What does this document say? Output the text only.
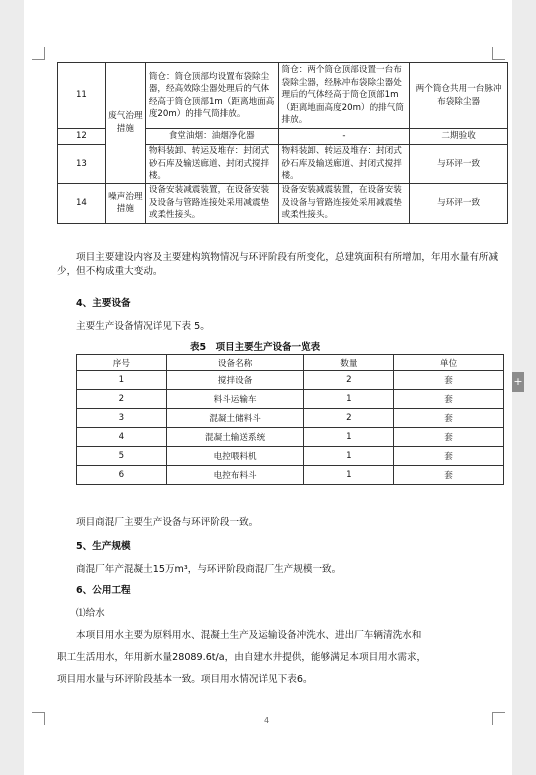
11	废气治理措施	筒仓：筒仓顶部均设置布袋除尘器，经高效除尘器处理后的气体经高于筒仓顶部1m（距离地面高度20m）的排气筒排放。	筒仓：两个筒仓顶部设置一台布袋除尘器，经脉冲布袋除尘器处理后的气体经高于筒仓顶部1m（距离地面高度20m）的排气筒排放。	两个筒仓共用一台脉冲布袋除尘器
12		食堂油烟：油烟净化器	-	二期验收
13		物料装卸、转运及堆存：封闭式砂石库及输送廊道、封闭式搅拌楼。	物料装卸、转运及堆存：封闭式砂石库及输送廊道、封闭式搅拌楼。	与环评一致
14	噪声治理措施	设备安装减震装置，在设备安装及设备与管路连接处采用减震垫或柔性接头。	设备安装减震装置，在设备安装及设备与管路连接处采用减震垫或柔性接头。	与环评一致

项目主要建设内容及主要建构筑物情况与环评阶段有所变化，总建筑面积有所增加，年用水量有所减少，但不构成重大变动。

4、主要设备

主要生产设备情况详见下表 5。

表5　项目主要生产设备一览表
序号	设备名称	数量	单位
1	搅拌设备	2	套
2	料斗运输车	1	套
3	混凝土储料斗	2	套
4	混凝土输送系统	1	套
5	电控喂料机	1	套
6	电控布料斗	1	套

项目商混厂主要生产设备与环评阶段一致。

5、生产规模

商混厂年产混凝土15万m³，与环评阶段商混厂生产规模一致。

6、公用工程

⑴给水

本项目用水主要为原料用水、混凝土生产及运输设备冲洗水、进出厂车辆清洗水和

职工生活用水，年用新水量28089.6t/a，由自建水井提供，能够满足本项目用水需求，

项目用水量与环评阶段基本一致。项目用水情况详见下表6。

4
+
